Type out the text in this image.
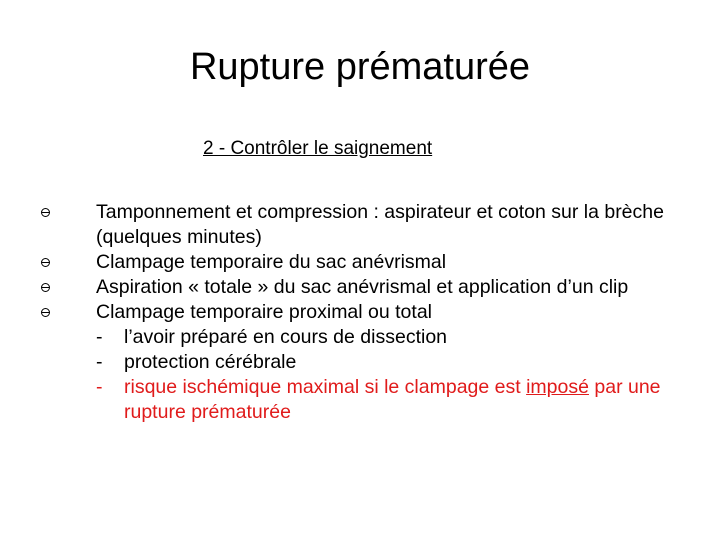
Rupture prématurée
2 - Contrôler le saignement
Tamponnement et compression : aspirateur et coton sur la brèche (quelques minutes)
Clampage temporaire du sac anévrismal
Aspiration « totale » du sac anévrismal et application d’un clip
Clampage temporaire proximal ou total
- l’avoir préparé en cours de dissection
- protection cérébrale
- risque ischémique maximal si le clampage est imposé par une rupture prématurée
